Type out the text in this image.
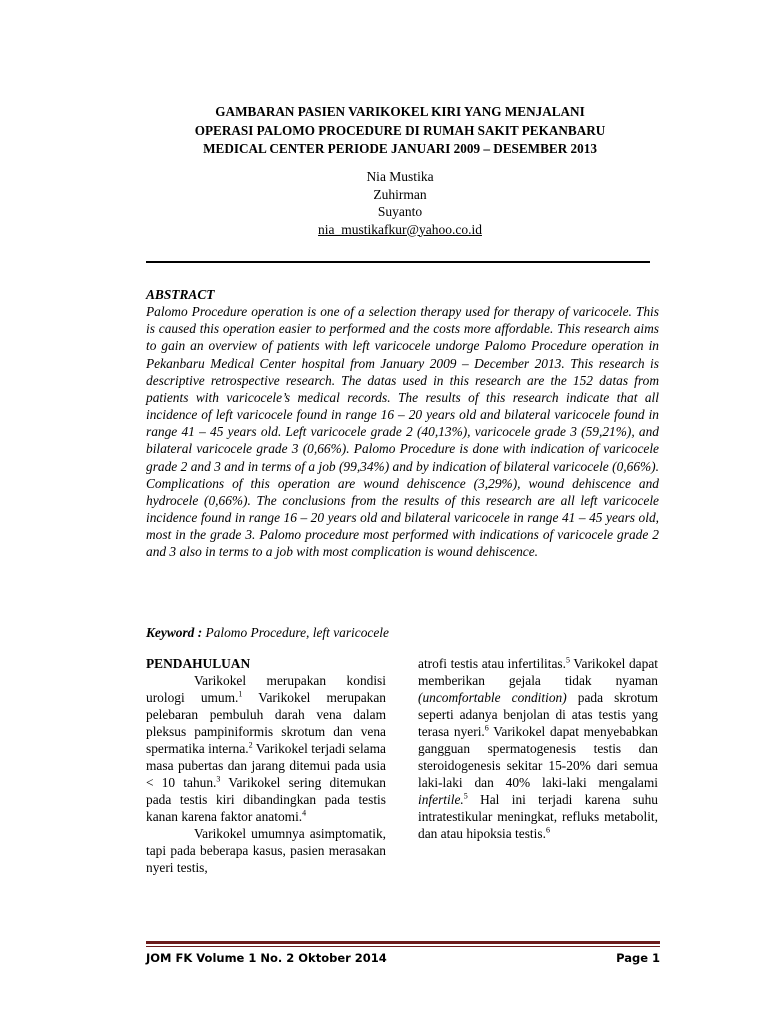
GAMBARAN PASIEN VARIKOKEL KIRI YANG MENJALANI
OPERASI PALOMO PROCEDURE DI RUMAH SAKIT PEKANBARU
MEDICAL CENTER PERIODE JANUARI 2009 – DESEMBER 2013
Nia Mustika
Zuhirman
Suyanto
nia_mustikafkur@yahoo.co.id
ABSTRACT
Palomo Procedure operation is one of a selection therapy used for therapy of varicocele. This is caused this operation easier to performed and the costs more affordable. This research aims to gain an overview of patients with left varicocele undorge Palomo Procedure operation in Pekanbaru Medical Center hospital from January 2009 – December 2013. This research is descriptive retrospective research. The datas used in this research are the 152 datas from patients with varicocele’s medical records. The results of this research indicate that all incidence of left varicocele found in range 16 – 20 years old and bilateral varicocele found in range 41 – 45 years old. Left varicocele grade 2 (40,13%), varicocele grade 3 (59,21%), and bilateral varicocele grade 3 (0,66%). Palomo Procedure is done with indication of varicocele grade 2 and 3 and in terms of a job (99,34%) and by indication of bilateral varicocele (0,66%). Complications of this operation are wound dehiscence (3,29%), wound dehiscence and hydrocele (0,66%). The conclusions from the results of this research are all left varicocele incidence found in range 16 – 20 years old and bilateral varicocele in range 41 – 45 years old, most in the grade 3. Palomo procedure most performed with indications of varicocele grade 2 and 3 also in terms to a job with most complication is wound dehiscence.
Keyword : Palomo Procedure, left varicocele

PENDAHULUAN

Varikokel merupakan kondisi urologi umum.$^1$ Varikokel merupakan pelebaran pembuluh darah vena dalam pleksus pampiniformis skrotum dan vena spermatika interna.$^2$ Varikokel terjadi selama masa pubertas dan jarang ditemui pada usia < 10 tahun.$^3$ Varikokel sering ditemukan pada testis kiri dibandingkan pada testis kanan karena faktor anatomi.$^4$

Varikokel umumnya asimptomatik, tapi pada beberapa kasus, pasien merasakan nyeri testis,

atrofi testis atau infertilitas.$^5$ Varikokel dapat memberikan gejala tidak nyaman (uncomfortable condition) pada skrotum seperti adanya benjolan di atas testis yang terasa nyeri.$^6$ Varikokel dapat menyebabkan gangguan spermatogenesis testis dan steroidogenesis sekitar 15-20% dari semua laki-laki dan 40% laki-laki mengalami infertile.$^5$ Hal ini terjadi karena suhu intratestikular meningkat, refluks metabolit, dan atau hipoksia testis.$^6$

JOM FK Volume 1 No. 2 Oktober 2014	Page 1
